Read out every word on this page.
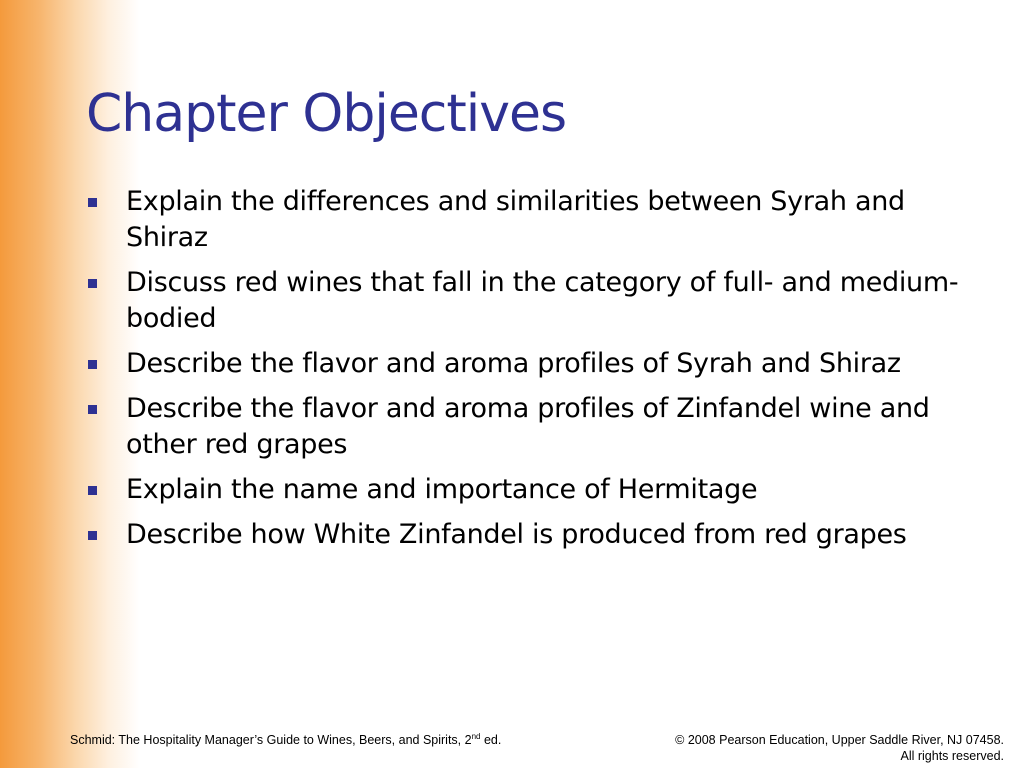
Chapter Objectives
Explain the differences and similarities between Syrah and Shiraz
Discuss red wines that fall in the category of full- and medium-bodied
Describe the flavor and aroma profiles of Syrah and Shiraz
Describe the flavor and aroma profiles of Zinfandel wine and other red grapes
Explain the name and importance of Hermitage
Describe how White Zinfandel is produced from red grapes
Schmid: The Hospitality Manager’s Guide to Wines, Beers, and Spirits, 2nd ed.	© 2008 Pearson Education, Upper Saddle River, NJ 07458.
All rights reserved.
